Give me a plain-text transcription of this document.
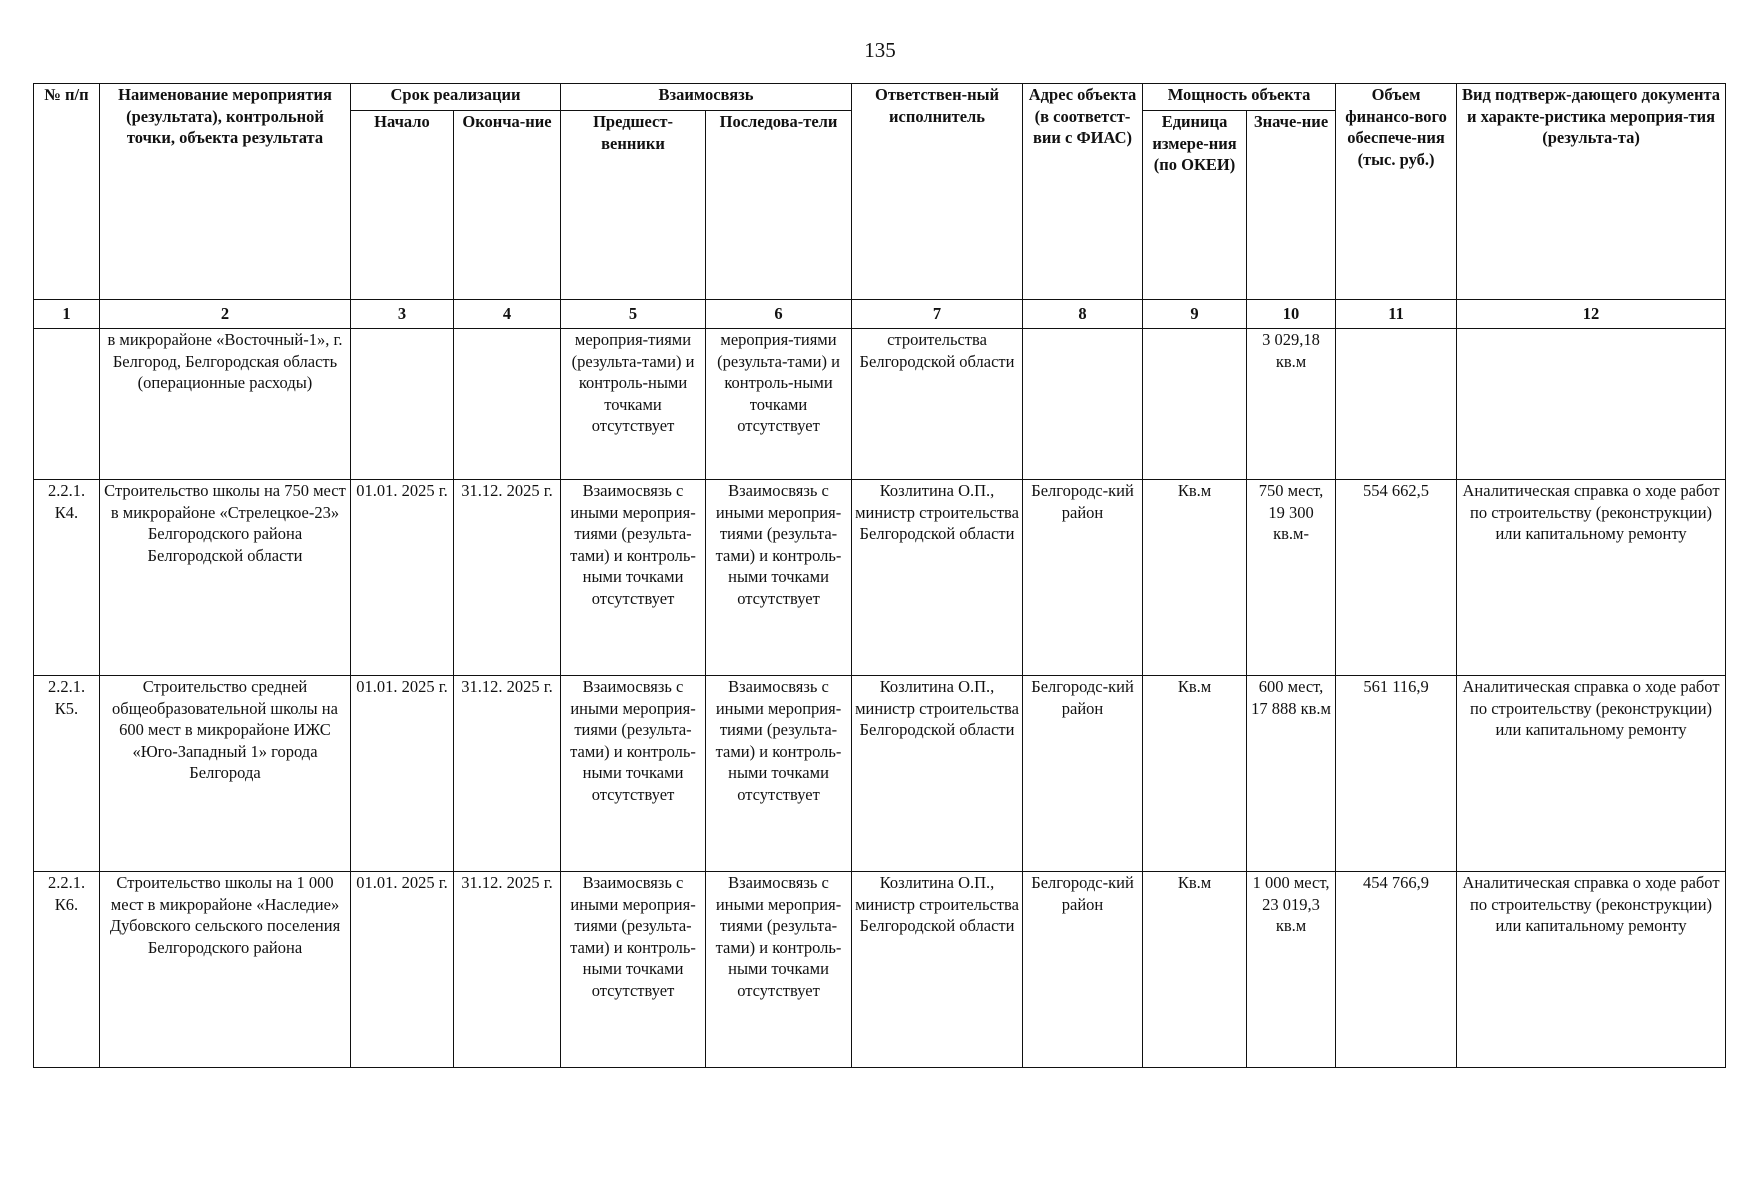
135
№ п/п	Наименование мероприятия (результата), контрольной точки, объекта результата	Срок реализации		Взаимосвязь		Ответствен-ный исполнитель	Адрес объекта (в соответст-вии с ФИАС)	Мощность объекта		Объем финансо-вого обеспече-ния (тыс. руб.)	Вид подтверж-дающего документа и характе-ристика мероприя-тия (результа-та)
		Начало	Оконча-ние	Предшест-венники	Последова-тели			Единица измере-ния (по ОКЕИ)	Значе-ние		
1	2	3	4	5	6	7	8	9	10	11	12
	в микрорайоне «Восточный-1», г. Белгород, Белгородская область (операционные расходы)			мероприя-тиями (результа-тами) и контроль-ными точками отсутствует	мероприя-тиями (результа-тами) и контроль-ными точками отсутствует	строительства Белгородской области			3 029,18 кв.м		
2.2.1. К4.	Строительство школы на 750 мест в микрорайоне «Стрелецкое-23» Белгородского района Белгородской области	01.01. 2025 г.	31.12. 2025 г.	Взаимосвязь с иными мероприя-тиями (результа-тами) и контроль-ными точками отсутствует	Взаимосвязь с иными мероприя-тиями (результа-тами) и контроль-ными точками отсутствует	Козлитина О.П., министр строительства Белгородской области	Белгородс-кий район	Кв.м	750 мест, 19 300 кв.м-	554 662,5	Аналитическая справка о ходе работ по строительству (реконструкции) или капитальному ремонту
2.2.1. К5.	Строительство средней общеобразовательной школы на 600 мест в микрорайоне ИЖС «Юго-Западный 1» города Белгорода	01.01. 2025 г.	31.12. 2025 г.	Взаимосвязь с иными мероприя-тиями (результа-тами) и контроль-ными точками отсутствует	Взаимосвязь с иными мероприя-тиями (результа-тами) и контроль-ными точками отсутствует	Козлитина О.П., министр строительства Белгородской области	Белгородс-кий район	Кв.м	600 мест, 17 888 кв.м	561 116,9	Аналитическая справка о ходе работ по строительству (реконструкции) или капитальному ремонту
2.2.1. К6.	Строительство школы на 1 000 мест в микрорайоне «Наследие» Дубовского сельского поселения Белгородского района	01.01. 2025 г.	31.12. 2025 г.	Взаимосвязь с иными мероприя-тиями (результа-тами) и контроль-ными точками отсутствует	Взаимосвязь с иными мероприя-тиями (результа-тами) и контроль-ными точками отсутствует	Козлитина О.П., министр строительства Белгородской области	Белгородс-кий район	Кв.м	1 000 мест, 23 019,3 кв.м	454 766,9	Аналитическая справка о ходе работ по строительству (реконструкции) или капитальному ремонту
